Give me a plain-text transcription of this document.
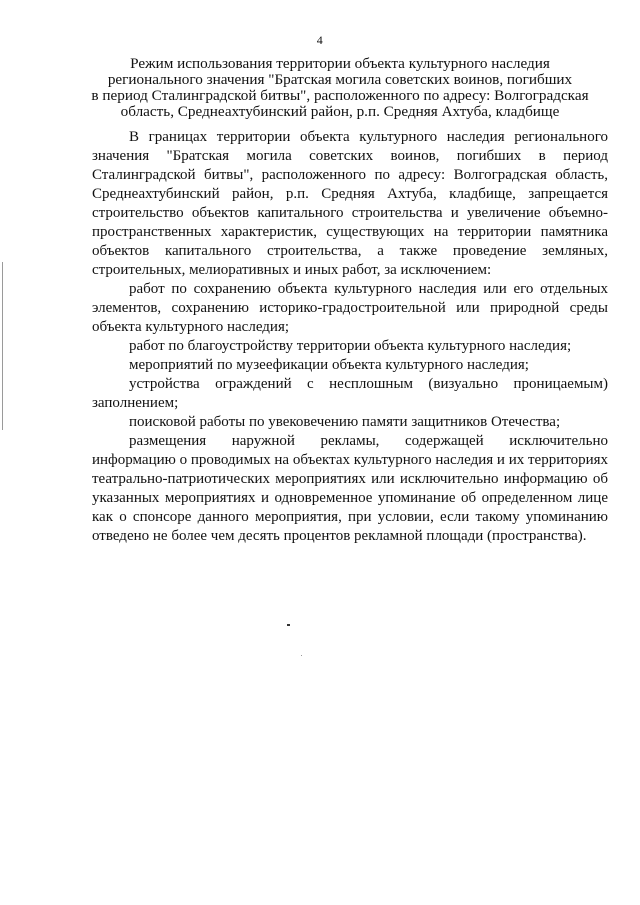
4
Режим использования территории объекта культурного наследия
регионального значения "Братская могила советских воинов, погибших
в период Сталинградской битвы", расположенного по адресу: Волгоградская
область, Среднеахтубинский район, р.п. Средняя Ахтуба, кладбище

В границах территории объекта культурного наследия регионального значения "Братская могила советских воинов, погибших в период Сталинградской битвы", расположенного по адресу: Волгоградская область, Среднеахтубинский район, р.п. Средняя Ахтуба, кладбище, запрещается строительство объектов капитального строительства и увеличение объемно-пространственных характеристик, существующих на территории памятника объектов капитального строительства, а также проведение земляных, строительных, мелиоративных и иных работ, за исключением:

работ по сохранению объекта культурного наследия или его отдельных элементов, сохранению историко-градостроительной или природной среды объекта культурного наследия;

работ по благоустройству территории объекта культурного наследия;

мероприятий по музеефикации объекта культурного наследия;

устройства ограждений с несплошным (визуально проницаемым) заполнением;

поисковой работы по увековечению памяти защитников Отечества;

размещения наружной рекламы, содержащей исключительно информацию о проводимых на объектах культурного наследия и их территориях театрально-патриотических мероприятиях или исключительно информацию об указанных мероприятиях и одновременное упоминание об определенном лице как о спонсоре данного мероприятия, при условии, если такому упоминанию отведено не более чем десять процентов рекламной площади (пространства).
